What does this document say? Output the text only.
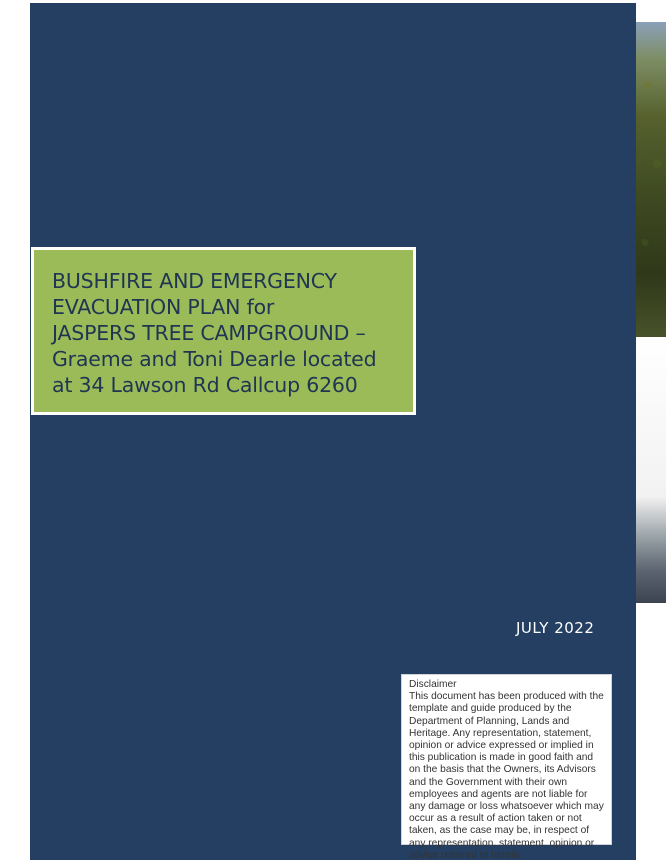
BUSHFIRE AND EMERGENCY
EVACUATION PLAN for
JASPERS TREE CAMPGROUND –
Graeme and Toni Dearle located
at 34 Lawson Rd Callcup 6260
JULY 2022
Disclaimer
This document has been produced with the
template and guide produced by the
Department of Planning, Lands and
Heritage. Any representation, statement,
opinion or advice expressed or implied in
this publication is made in good faith and
on the basis that the Owners, its Advisors
and the Government with their own
employees and agents are not liable for
any damage or loss whatsoever which may
occur as a result of action taken or not
taken, as the case may be, in respect of
any representation, statement, opinion or
advice referred to herein.
